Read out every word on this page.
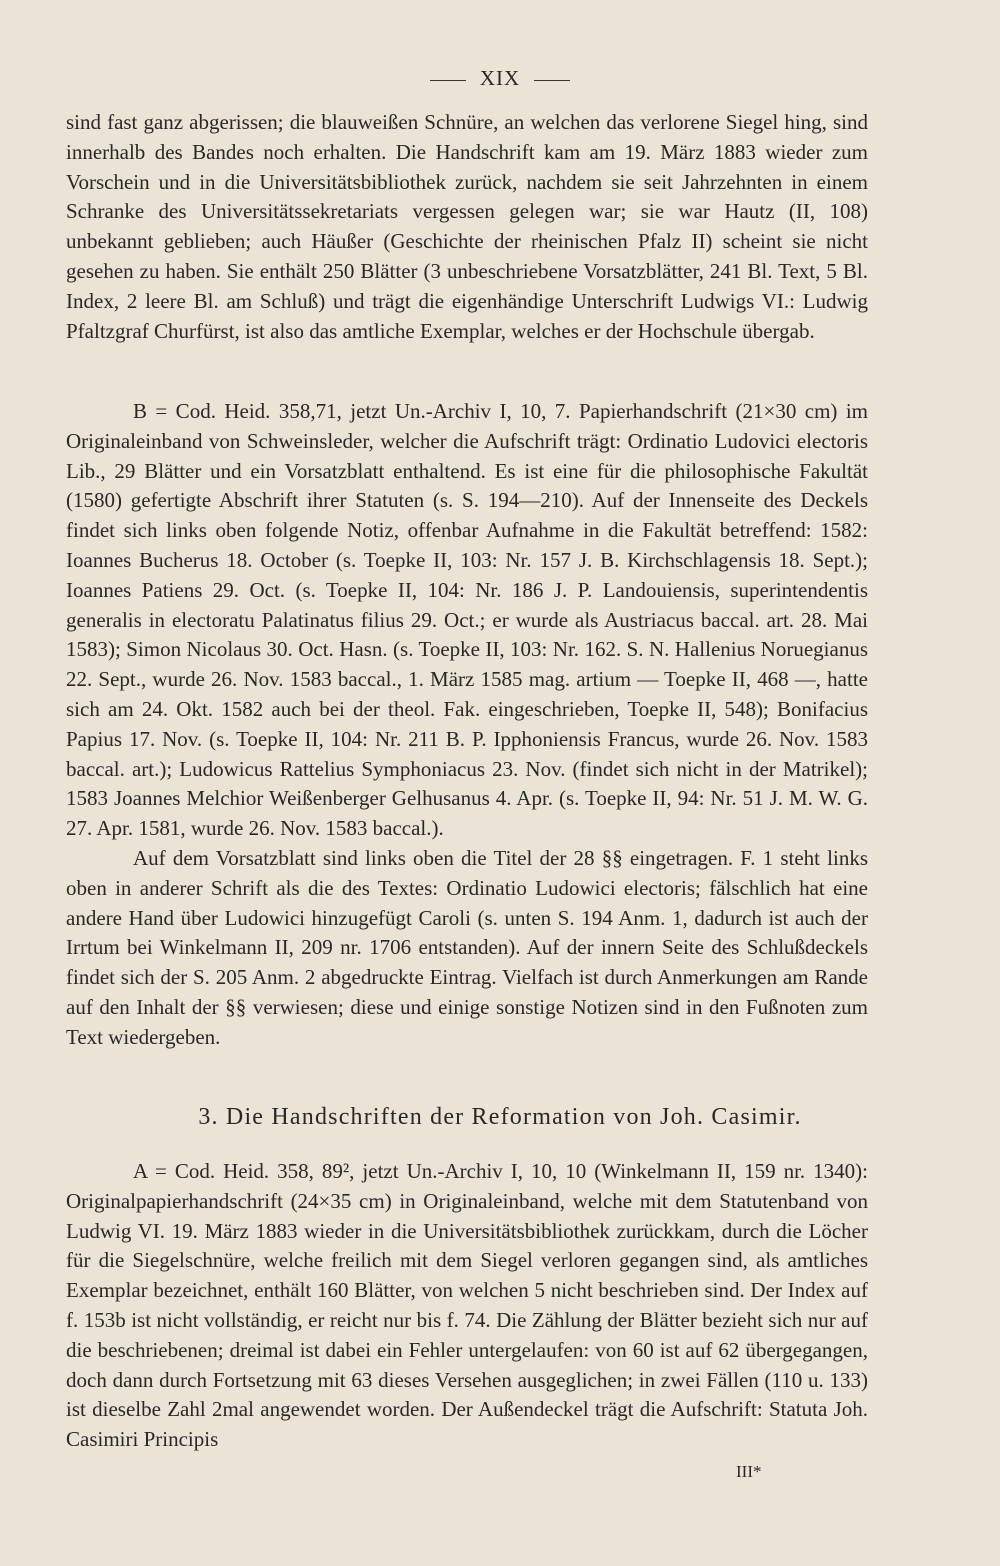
XIX

sind fast ganz abgerissen; die blauweißen Schnüre, an welchen das verlorene Siegel hing, sind innerhalb des Bandes noch erhalten. Die Handschrift kam am 19. März 1883 wieder zum Vorschein und in die Universitätsbibliothek zurück, nachdem sie seit Jahrzehnten in einem Schranke des Universitätssekretariats vergessen gelegen war; sie war Hautz (II, 108) unbekannt geblieben; auch Häußer (Geschichte der rheinischen Pfalz II) scheint sie nicht gesehen zu haben. Sie enthält 250 Blätter (3 unbeschriebene Vorsatzblätter, 241 Bl. Text, 5 Bl. Index, 2 leere Bl. am Schluß) und trägt die eigenhändige Unterschrift Ludwigs VI.: Ludwig Pfaltzgraf Churfürst, ist also das amtliche Exemplar, welches er der Hochschule übergab.

B = Cod. Heid. 358,71, jetzt Un.-Archiv I, 10, 7. Papierhandschrift (21×30 cm) im Originaleinband von Schweinsleder, welcher die Aufschrift trägt: Ordinatio Ludovici electoris Lib., 29 Blätter und ein Vorsatzblatt enthaltend. Es ist eine für die philosophische Fakultät (1580) gefertigte Abschrift ihrer Statuten (s. S. 194—210). Auf der Innenseite des Deckels findet sich links oben folgende Notiz, offenbar Aufnahme in die Fakultät betreffend: 1582: Ioannes Bucherus 18. October (s. Toepke II, 103: Nr. 157 J. B. Kirchschlagensis 18. Sept.); Ioannes Patiens 29. Oct. (s. Toepke II, 104: Nr. 186 J. P. Landouiensis, superintendentis generalis in electoratu Palatinatus filius 29. Oct.; er wurde als Austriacus baccal. art. 28. Mai 1583); Simon Nicolaus 30. Oct. Hasn. (s. Toepke II, 103: Nr. 162. S. N. Hallenius Noruegianus 22. Sept., wurde 26. Nov. 1583 baccal., 1. März 1585 mag. artium — Toepke II, 468 —, hatte sich am 24. Okt. 1582 auch bei der theol. Fak. eingeschrieben, Toepke II, 548); Bonifacius Papius 17. Nov. (s. Toepke II, 104: Nr. 211 B. P. Ipphoniensis Francus, wurde 26. Nov. 1583 baccal. art.); Ludowicus Rattelius Symphoniacus 23. Nov. (findet sich nicht in der Matrikel); 1583 Joannes Melchior Weißenberger Gelhusanus 4. Apr. (s. Toepke II, 94: Nr. 51 J. M. W. G. 27. Apr. 1581, wurde 26. Nov. 1583 baccal.).

Auf dem Vorsatzblatt sind links oben die Titel der 28 §§ eingetragen. F. 1 steht links oben in anderer Schrift als die des Textes: Ordinatio Ludowici electoris; fälschlich hat eine andere Hand über Ludowici hinzugefügt Caroli (s. unten S. 194 Anm. 1, dadurch ist auch der Irrtum bei Winkelmann II, 209 nr. 1706 entstanden). Auf der innern Seite des Schlußdeckels findet sich der S. 205 Anm. 2 abgedruckte Eintrag. Vielfach ist durch Anmerkungen am Rande auf den Inhalt der §§ verwiesen; diese und einige sonstige Notizen sind in den Fußnoten zum Text wiedergeben.

3. Die Handschriften der Reformation von Joh. Casimir.

A = Cod. Heid. 358, 89², jetzt Un.-Archiv I, 10, 10 (Winkelmann II, 159 nr. 1340): Originalpapierhandschrift (24×35 cm) in Originaleinband, welche mit dem Statutenband von Ludwig VI. 19. März 1883 wieder in die Universitätsbibliothek zurückkam, durch die Löcher für die Siegelschnüre, welche freilich mit dem Siegel verloren gegangen sind, als amtliches Exemplar bezeichnet, enthält 160 Blätter, von welchen 5 nicht beschrieben sind. Der Index auf f. 153b ist nicht vollständig, er reicht nur bis f. 74. Die Zählung der Blätter bezieht sich nur auf die beschriebenen; dreimal ist dabei ein Fehler untergelaufen: von 60 ist auf 62 übergegangen, doch dann durch Fortsetzung mit 63 dieses Versehen ausgeglichen; in zwei Fällen (110 u. 133) ist dieselbe Zahl 2mal angewendet worden. Der Außendeckel trägt die Aufschrift: Statuta Joh. Casimiri Principis

III*
